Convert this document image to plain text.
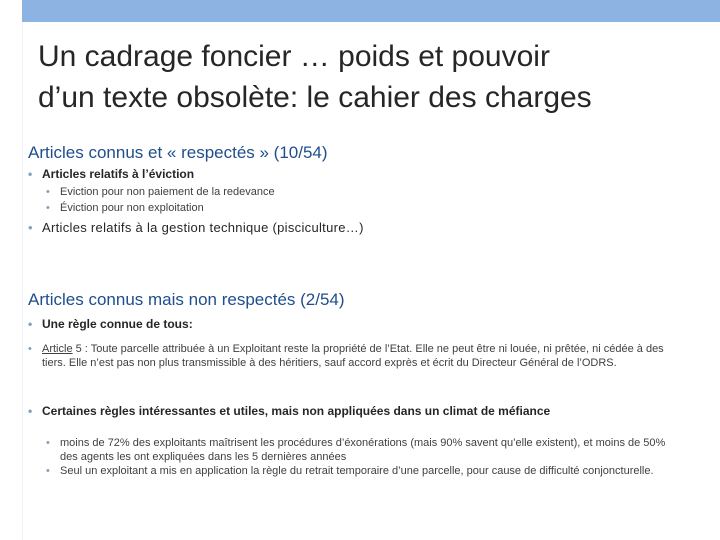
Un cadrage foncier … poids et pouvoir
d’un texte obsolète: le cahier des charges
Articles connus et « respectés » (10/54)
• Articles relatifs à l’éviction
• Eviction pour non paiement de la redevance
• Éviction pour non exploitation
• Articles relatifs à la gestion technique (pisciculture…)
Articles connus mais non respectés (2/54)
• Une règle connue de tous:
• Article 5 : Toute parcelle attribuée à un Exploitant reste la propriété de l’Etat. Elle ne peut être ni louée, ni prêtée, ni cédée à des tiers. Elle n’est pas non plus transmissible à des héritiers, sauf accord exprès et écrit du Directeur Général de l’ODRS.
• Certaines règles intéressantes et utiles, mais non appliquées dans un climat de méfiance
• moins de 72% des exploitants maîtrisent les procédures d’éxonérations (mais 90% savent qu’elle existent), et moins de 50% des agents les ont expliquées dans les 5 dernières années
• Seul un exploitant a mis en application la règle du retrait temporaire d’une parcelle, pour cause de difficulté conjoncturelle.
